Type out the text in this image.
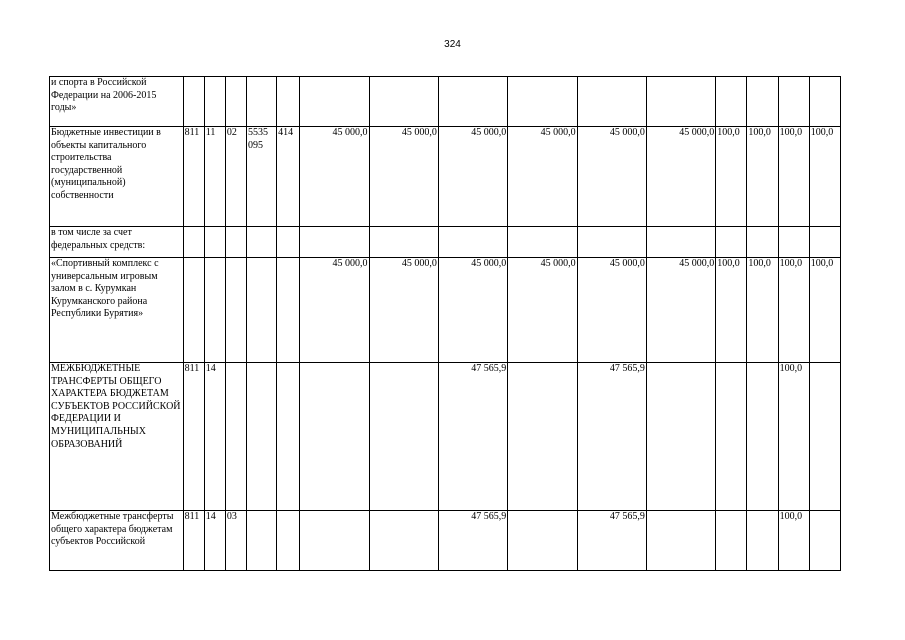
324
и спорта в Российской Федерации на 2006-2015 годы»															
Бюджетные инвестиции в объекты капитального строительства государственной (муниципальной) собственности	811	11	02	5535 095	414	45 000,0	45 000,0	45 000,0	45 000,0	45 000,0	45 000,0	100,0	100,0	100,0	100,0
в том числе за счет федеральных средств:															
«Спортивный комплекс с универсальным игровым залом в с. Курумкан Курумканского района Республики Бурятия»						45 000,0	45 000,0	45 000,0	45 000,0	45 000,0	45 000,0	100,0	100,0	100,0	100,0
МЕЖБЮДЖЕТНЫЕ ТРАНСФЕРТЫ ОБЩЕГО ХАРАКТЕРА БЮДЖЕТАМ СУБЪЕКТОВ РОССИЙСКОЙ ФЕДЕРАЦИИ И МУНИЦИПАЛЬНЫХ ОБРАЗОВАНИЙ	811	14						47 565,9		47 565,9				100,0	
Межбюджетные трансферты общего характера бюджетам субъектов Российской	811	14	03					47 565,9		47 565,9				100,0	
